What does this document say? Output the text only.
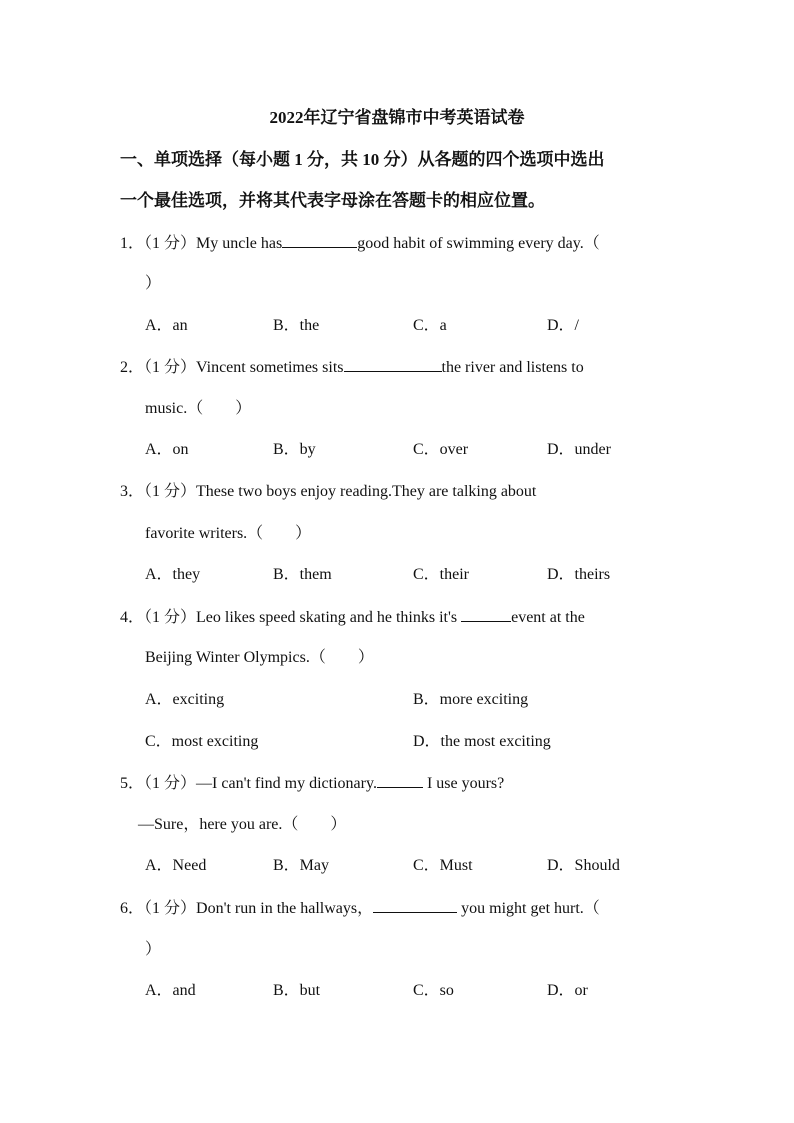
2022年辽宁省盘锦市中考英语试卷
一、单项选择（每小题 1 分，共 10 分）从各题的四个选项中选出
一个最佳选项，并将其代表字母涂在答题卡的相应位置。
1．（1 分）My uncle has	good habit of swimming every day.（
）
A．an	B．the	C．a	D．/
2．（1 分）Vincent sometimes sits	the river and listens to
music.（　　）
A．on	B．by	C．over	D．under
3．（1 分）These two boys enjoy reading.They are talking about
favorite writers.（　　）
A．they	B．them	C．their	D．theirs
4．（1 分）Leo likes speed skating and he thinks it's	event at the
Beijing Winter Olympics.（　　）
A．exciting	B．more exciting
C．most exciting	D．the most exciting
5．（1 分）—I can't find my dictionary.	I use yours?
—Sure，here you are.（　　）
A．Need	B．May	C．Must	D．Should
6．（1 分）Don't run in the hallways，	you might get hurt.（
）
A．and	B．but	C．so	D．or
